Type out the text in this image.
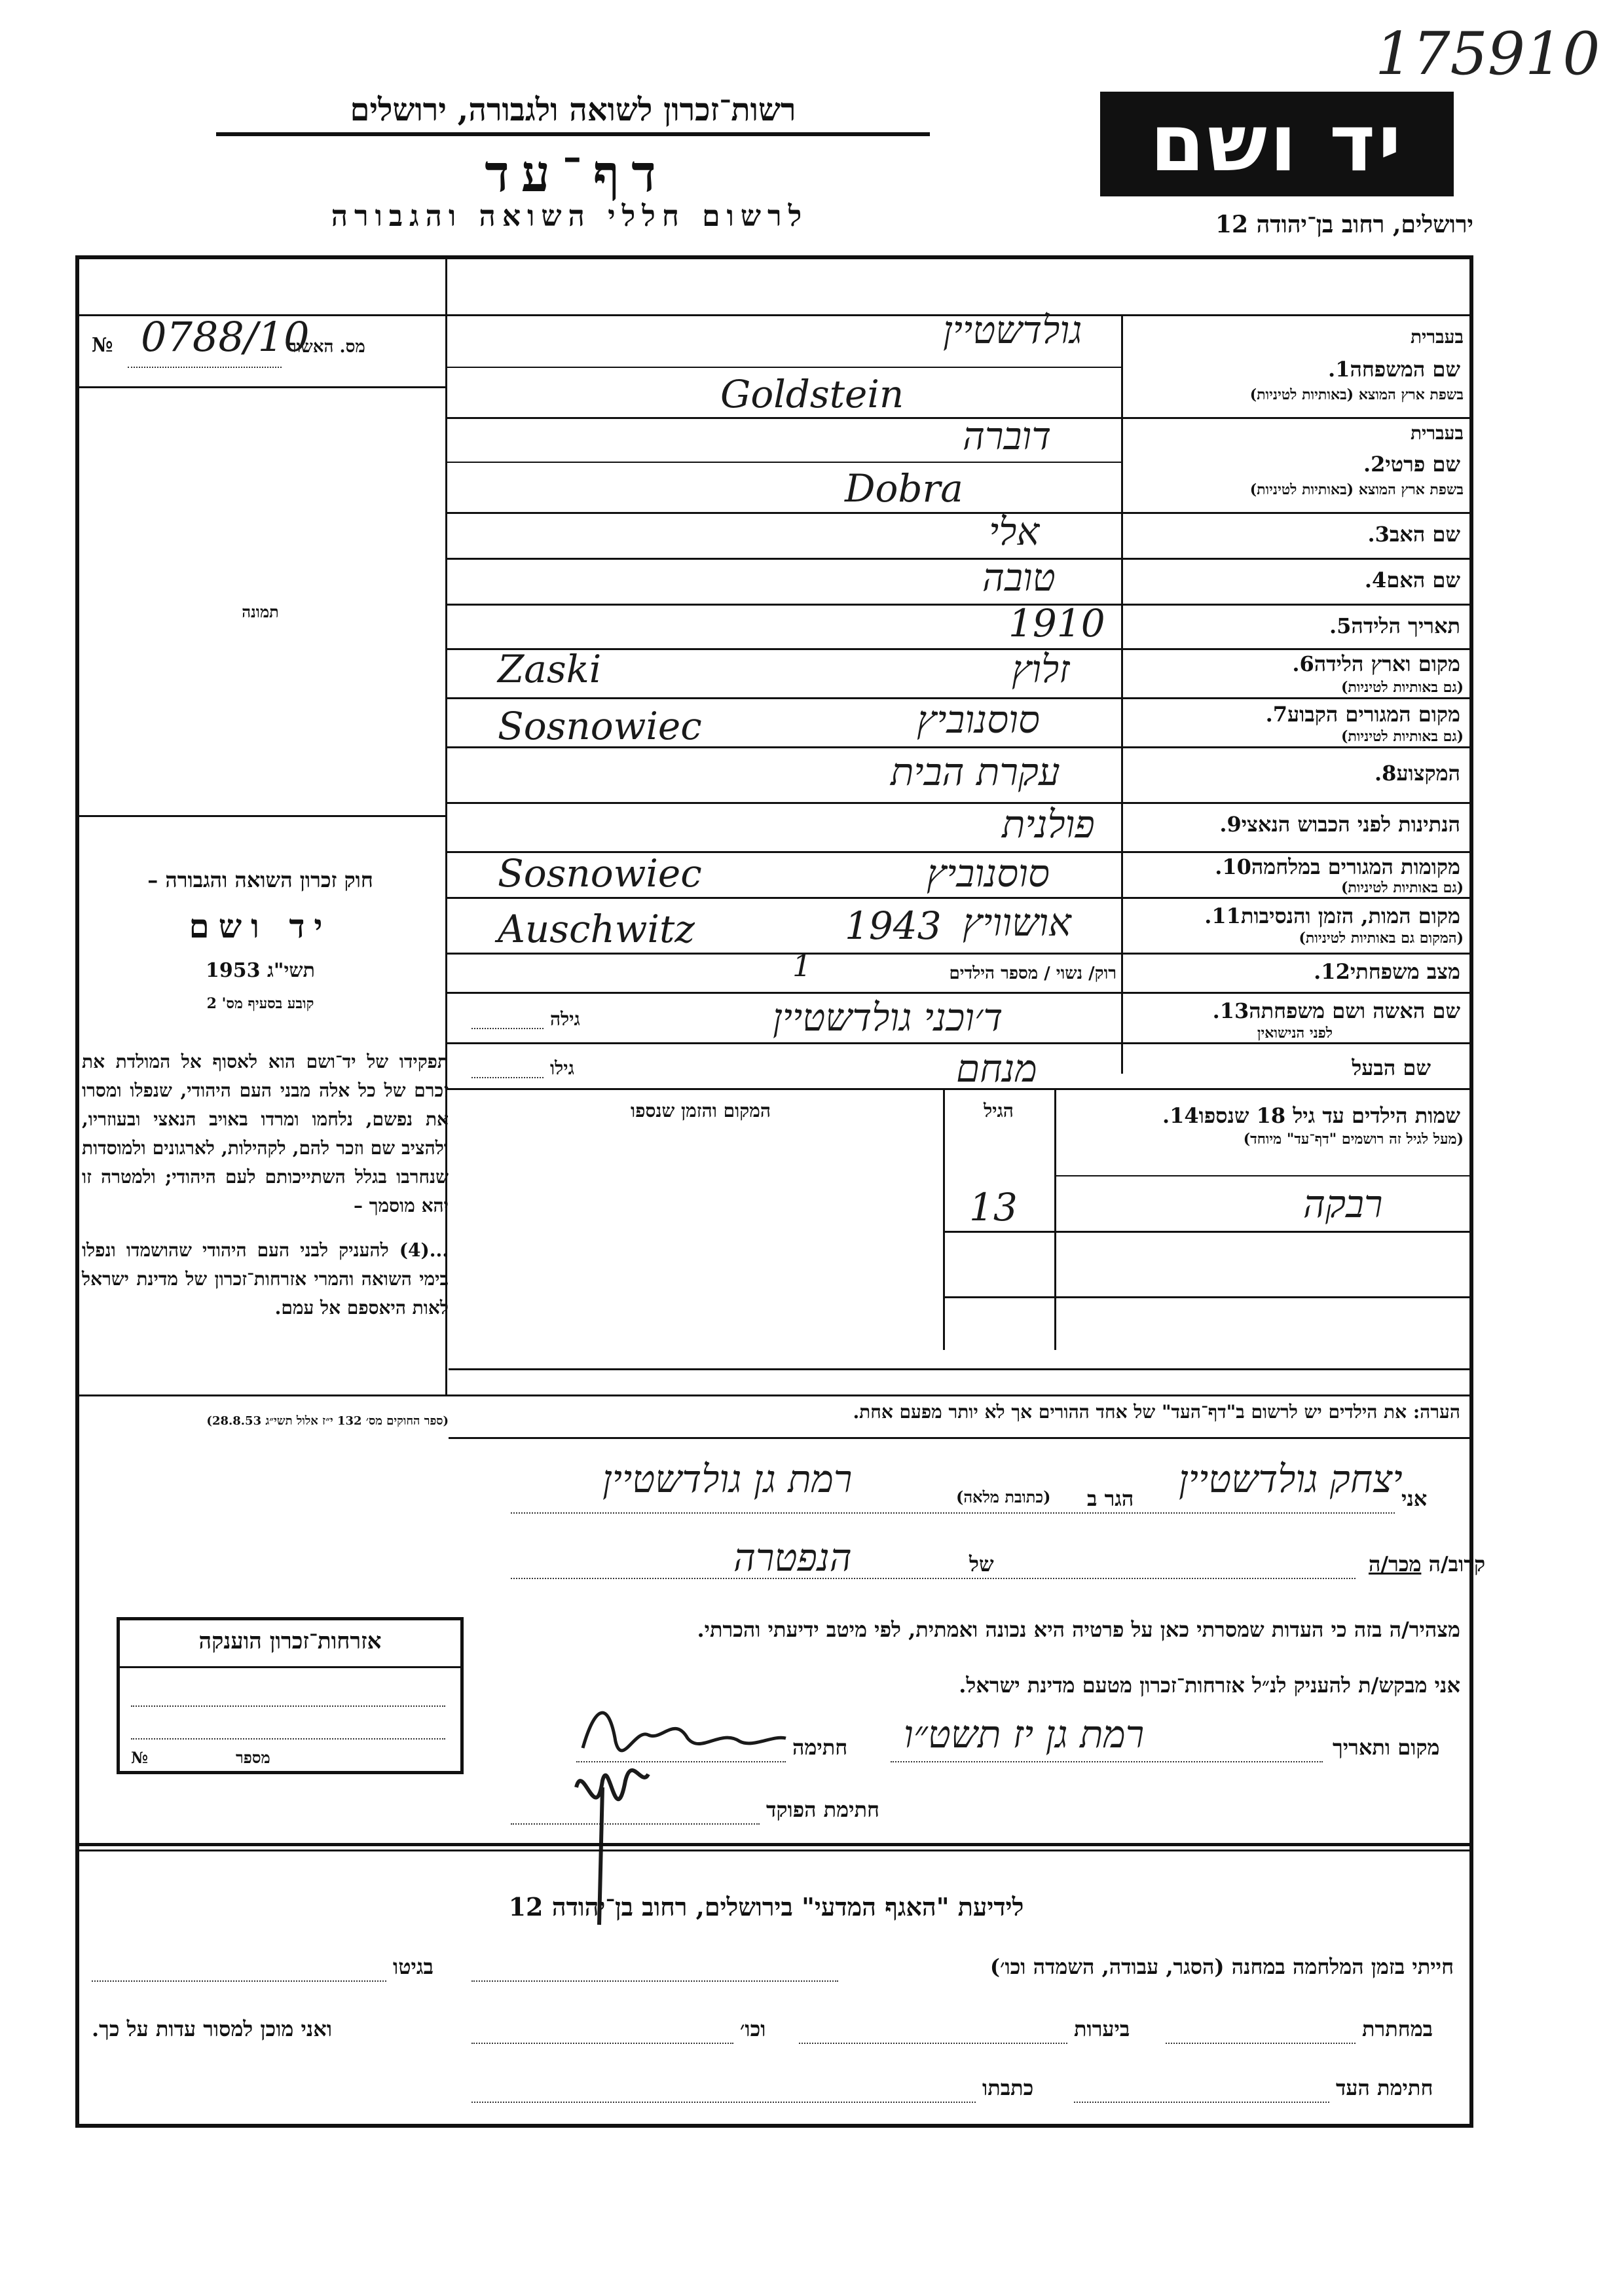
175910
יד ושם
רשות־זכרון לשואה ולגבורה, ירושלים
דף־עד
לרשום חללי השואה והגבורה	ירושלים, רחוב בן־יהודה 12
מס. האשור
№ 0788/10
תמונה
חוק זכרון השואה והגבורה –
יד ושם
תשי"ג 1953
קובע בסעיף מס' 2
תפקידו של יד־ושם הוא לאסוף אל המולדת את זכרם של כל אלה מבני העם היהודי, שנפלו ומסרו את נפשם, נלחמו ומרדו באויב הנאצי ובעוזריו, ולהציב שם וזכר להם, לקהילות, לארגונים ולמוסדות שנחרבו בגלל השתייכותם לעם היהודי; ולמטרה זו יהא מוסמך –
...(4) להעניק לבני העם היהודי שהושמדו ונפלו בימי השואה והמרי אזרחות־זכרון של מדינת ישראל לאות היאספם אל עמם.
(ספר החוקים מס׳ 132 י״ז אלול תשי״ג 28.8.53)
בעברית
שם המשפחה1.
בשפת ארץ המוצא (באותיות לטיניות)
בעברית
שם פרטי2.
בשפת ארץ המוצא (באותיות לטיניות)
שם האב3.
שם האם4.
תאריך הלידה5.
מקום וארץ הלידה6.
(גם באותיות לטיניות)
מקום המגורים הקבוע7.
(גם באותיות לטיניות)
המקצוע8.
הנתינות לפני הכבוש הנאצי9.
מקומות המגורים במלחמה10.
(גם באותיות לטיניות)
מקום המות, הזמן והנסיבות11.
(המקום גם באותיות לטיניות)
מצב משפחתי12.
רוק/ נשוי / מספר הילדים
שם האשה ושם משפחתה13.
לפני הנישואין
שם הבעל
גילה
גילו
גולדשטיין
Goldstein
דוברה
Dobra
אלי
טובה
1910
זלוץ
Zaski
סוסנוביץ
Sosnowiec
עקרת הבית
פולנית
סוסנוביץ
Sosnowiec
אושוויץ
1943
Auschwitz
1
ד׳וכני גולדשטיין
מנחם
שמות הילדים עד גיל 18 שנספו14.
(מעל לגיל זה רושמים "דף־עד" מיוחד)
הגיל
המקום והזמן שנספו
רבקה
13
הערה: את הילדים יש לרשום ב"דף־העד" של אחד ההורים אך לא יותר מפעם אחת.
אני
יצחק גולדשטיין
הגר ב
(כתובת מלאה)
רמת גן גולדשטיין
קרוב/ה מכר/ה
של
הנפטרה
מצהיר/ה בזה כי העדות שמסרתי כאן על פרטיה היא נכונה ואמתית, לפי מיטב ידיעתי והכרתי.
אני מבקש/ת להעניק לנ״ל אזרחות־זכרון מטעם מדינת ישראל.
מקום ותאריך
רמת גן יז תשט״ו
חתימה
חתימת הפוקד
אזרחות־זכרון הוענקה
מספר
№
לידיעת "האגף המדעי" בירושלים, רחוב בן־יהודה 12
חייתי בזמן המלחמה במחנה (הסגר, עבודה, השמדה וכו׳)
בגיטו
במחתרת
ביערות
וכו׳
ואני מוכן למסור עדות על כך.
חתימת העד
כתבתו
